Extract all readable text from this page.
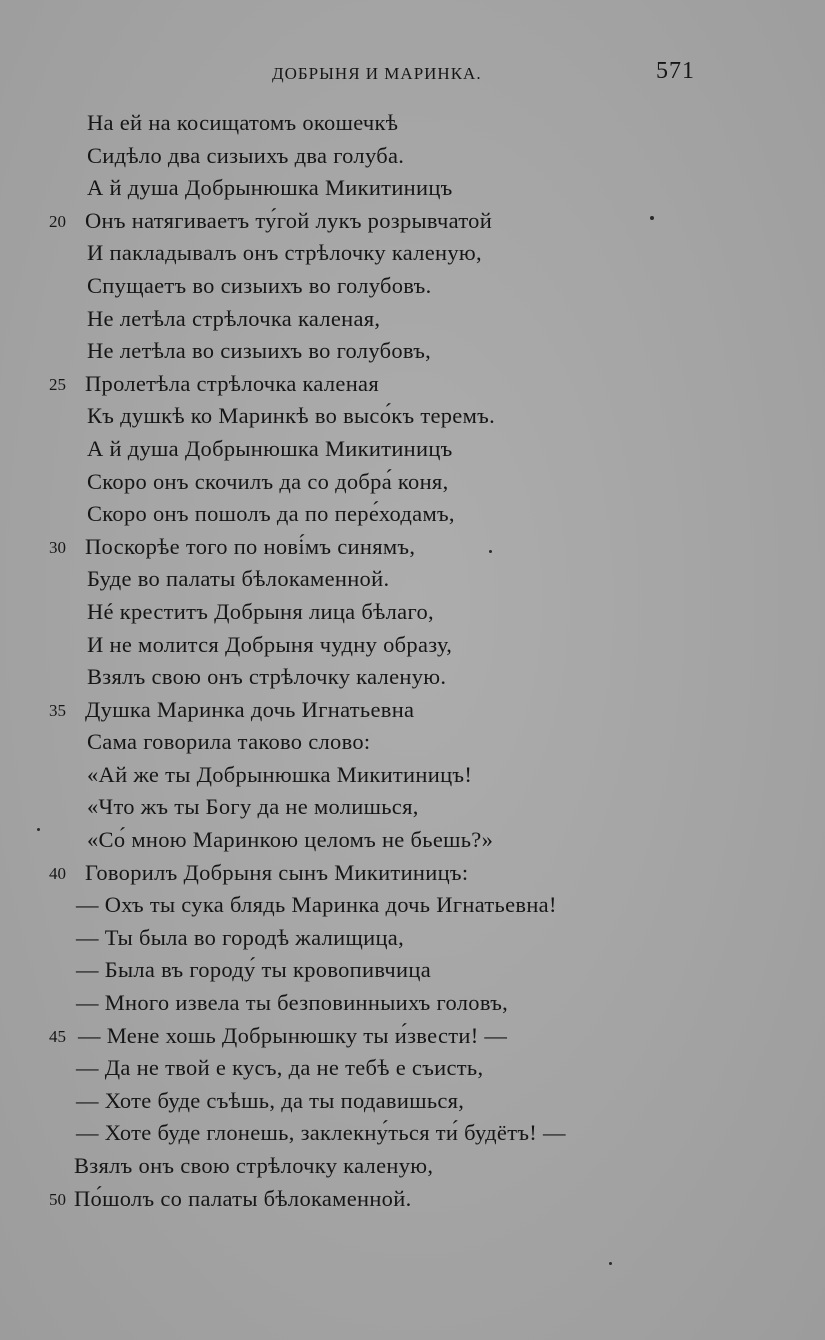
ДОБРЫНЯ И МАРИНКА.	571
На ей на косищатомъ окошечкѣ
Сидѣло два сизыихъ два голуба.
А й душа Добрынюшка Микитиницъ
20 Онъ натягиваетъ ту́гой лукъ розрывчатой
И пакладывалъ онъ стрѣлочку каленую,
Спущаетъ во сизыихъ во голубовъ.
Не летѣла стрѣлочка каленая,
Не летѣла во сизыихъ во голубовъ,
25 Пролетѣла стрѣлочка каленая
Къ душкѣ ко Маринкѣ во высо́къ теремъ.
А й душа Добрынюшка Микитиницъ
Скоро онъ скочилъ да со добра́ коня,
Скоро онъ пошолъ да по пере́ходамъ,
30 Поскорѣе того по нові́мъ синямъ,
Буде во палаты бѣлокаменной.
Нé креститъ Добрыня лица бѣлаго,
И не молится Добрыня чудну образу,
Взялъ свою онъ стрѣлочку каленую.
35 Душка Маринка дочь Игнатьевна
Сама говорила таково слово:
«Ай же ты Добрынюшка Микитиницъ!
«Что жъ ты Богу да не молишься,
«Со́ мною Маринкою целомъ не бьешь?»
40 Говорилъ Добрыня сынъ Микитиницъ:
— Охъ ты сука блядь Маринка дочь Игнатьевна!
— Ты была во городѣ жалищица,
— Была въ городу́ ты кровопивчица
— Много извела ты безповинныихъ головъ,
45 — Мене хошь Добрынюшку ты и́звести! —
— Да не твой е кусъ, да не тебѣ е съисть,
— Хоте буде съѣшь, да ты подавишься,
— Хоте буде глонешь, заклекну́ться ти́ будётъ! —
Взялъ онъ свою стрѣлочку каленую,
50 По́шолъ со палаты бѣлокаменной.
